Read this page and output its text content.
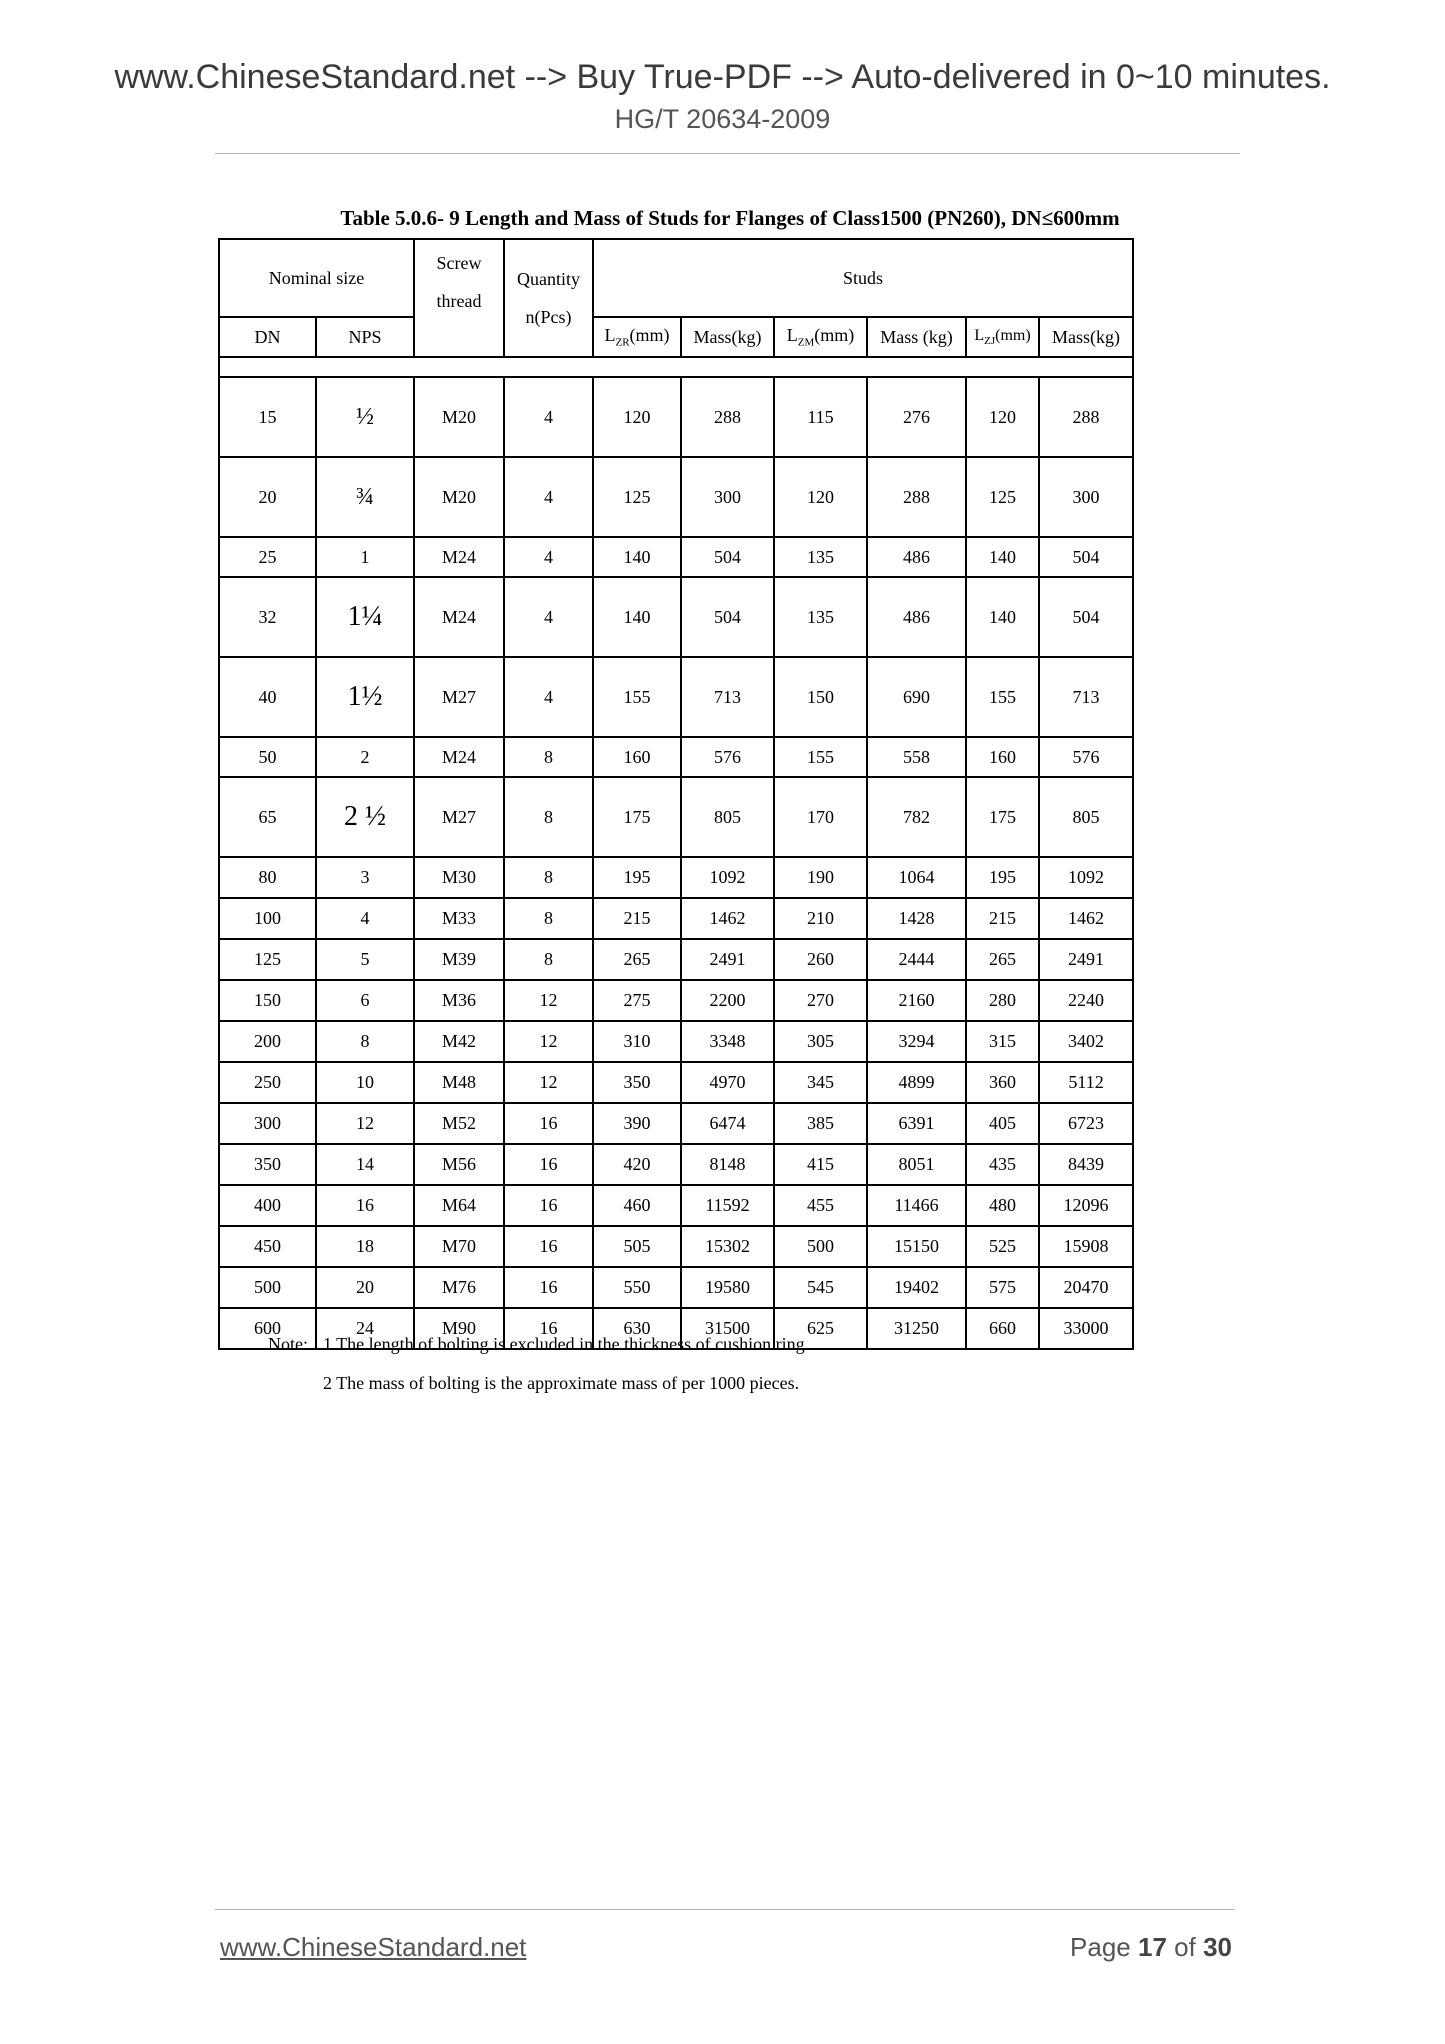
www.ChineseStandard.net --> Buy True-PDF --> Auto-delivered in 0~10 minutes.
HG/T 20634-2009
Table 5.0.6- 9 Length and Mass of Studs for Flanges of Class1500 (PN260), DN≤600mm
Nominal size		Screw thread	Quantity n(Pcs)	Studs					
DN	NPS			$L_{ZR}(mm)$	Mass(kg)	$L_{ZM}(mm)$	Mass (kg)	$L_{ZJ}(mm)$	Mass(kg)

15	½	M20	4	120	288	115	276	120	288
20	¾	M20	4	125	300	120	288	125	300
25	1	M24	4	140	504	135	486	140	504
32	1¼	M24	4	140	504	135	486	140	504
40	1½	M27	4	155	713	150	690	155	713
50	2	M24	8	160	576	155	558	160	576
65	2 ½	M27	8	175	805	170	782	175	805
80	3	M30	8	195	1092	190	1064	195	1092
100	4	M33	8	215	1462	210	1428	215	1462
125	5	M39	8	265	2491	260	2444	265	2491
150	6	M36	12	275	2200	270	2160	280	2240
200	8	M42	12	310	3348	305	3294	315	3402
250	10	M48	12	350	4970	345	4899	360	5112
300	12	M52	16	390	6474	385	6391	405	6723
350	14	M56	16	420	8148	415	8051	435	8439
400	16	M64	16	460	11592	455	11466	480	12096
450	18	M70	16	505	15302	500	15150	525	15908
500	20	M76	16	550	19580	545	19402	575	20470
600	24	M90	16	630	31500	625	31250	660	33000
Note: 1 The length of bolting is excluded in the thickness of cushion ring.
2 The mass of bolting is the approximate mass of per 1000 pieces.
www.ChineseStandard.net	Page 17 of 30
